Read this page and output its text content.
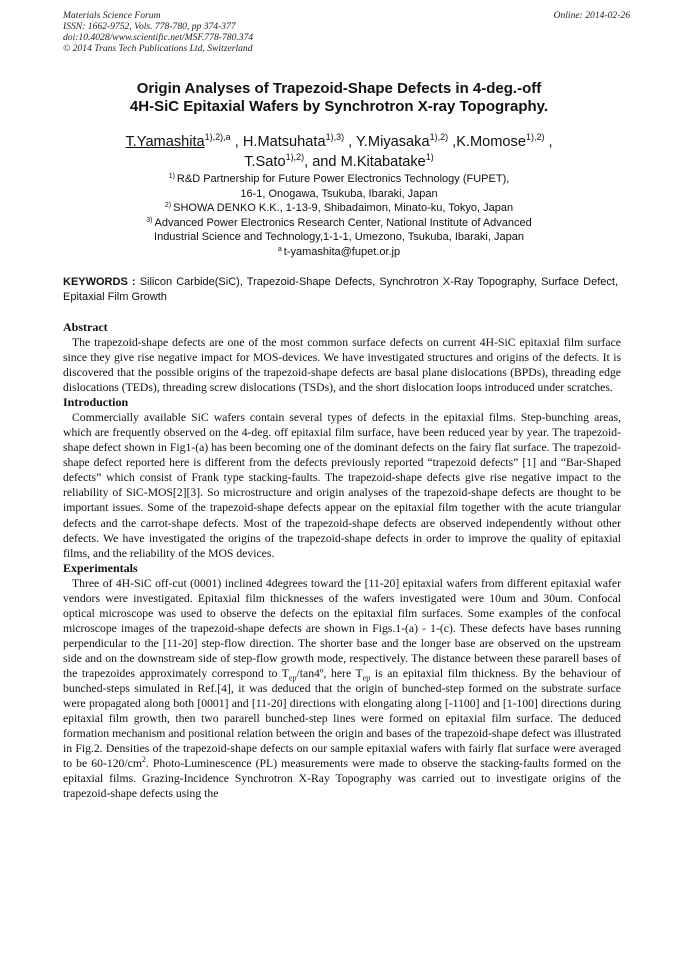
Materials Science Forum
ISSN: 1662-9752, Vols. 778-780, pp 374-377
doi:10.4028/www.scientific.net/MSF.778-780.374
© 2014 Trans Tech Publications Ltd, Switzerland
Online: 2014-02-26
Origin Analyses of Trapezoid-Shape Defects in 4-deg.-off
4H-SiC Epitaxial Wafers by Synchrotron X-ray Topography.
T.Yamashita$^{1),2),a}$ , H.Matsuhata$^{1),3)}$ , Y.Miyasaka$^{1),2)}$ ,K.Momose$^{1),2)}$ ,
T.Sato$^{1),2)}$, and M.Kitabatake$^{1)}$
$^{1)}$ R&D Partnership for Future Power Electronics Technology (FUPET),
16-1, Onogawa, Tsukuba, Ibaraki, Japan
$^{2)}$ SHOWA DENKO K.K., 1-13-9, Shibadaimon, Minato-ku, Tokyo, Japan
$^{3)}$ Advanced Power Electronics Research Center, National Institute of Advanced
Industrial Science and Technology,1-1-1, Umezono, Tsukuba, Ibaraki, Japan
$^a$ t-yamashita@fupet.or.jp
KEYWORDS : Silicon Carbide(SiC), Trapezoid-Shape Defects, Synchrotron X-Ray Topography, Surface Defect, Epitaxial Film Growth
Abstract

The trapezoid-shape defects are one of the most common surface defects on current 4H-SiC epitaxial film surface since they give rise negative impact for MOS-devices. We have investigated structures and origins of the defects. It is discovered that the possible origins of the trapezoid-shape defects are basal plane dislocations (BPDs), threading edge dislocations (TEDs), threading screw dislocations (TSDs), and the short dislocation loops introduced under scratches.

Introduction

Commercially available SiC wafers contain several types of defects in the epitaxial films. Step-bunching areas, which are frequently observed on the 4-deg. off epitaxial film surface, have been reduced year by year. The trapezoid-shape defect shown in Fig1-(a) has been becoming one of the dominant defects on the fairy flat surface. The trapezoid-shape defect reported here is different from the defects previously reported “trapezoid defects” [1] and “Bar-Shaped defects” which consist of Frank type stacking-faults. The trapezoid-shape defects give rise negative impact to the reliability of SiC-MOS[2][3]. So microstructure and origin analyses of the trapezoid-shape defects are thought to be important issues. Some of the trapezoid-shape defects appear on the epitaxial film together with the acute triangular defects and the carrot-shape defects. Most of the trapezoid-shape defects are observed independently without other defects. We have investigated the origins of the trapezoid-shape defects in order to improve the quality of epitaxial films, and the reliability of the MOS devices.

Experimentals

Three of 4H-SiC off-cut (0001) inclined 4degrees toward the [11-20] epitaxial wafers from different epitaxial wafer vendors were investigated. Epitaxial film thicknesses of the wafers investigated were 10um and 30um. Confocal optical microscope was used to observe the defects on the epitaxial film surfaces. Some examples of the confocal microscope images of the trapezoid-shape defects are shown in Figs.1-(a) - 1-(c). These defects have bases running perpendicular to the [11-20] step-flow direction. The shorter base and the longer base are observed on the upstream side and on the downstream side of step-flow growth mode, respectively. The distance between these pararell bases of the trapezoides approximately correspond to $T_{ep}/\tan 4º$, here $T_{ep}$ is an epitaxial film thickness. By the behaviour of bunched-steps simulated in Ref.[4], it was deduced that the origin of bunched-step formed on the substrate surface were propagated along both [0001] and [11-20] directions with elongating along [-1100] and [1-100] directions during epitaxial film growth, then two pararell bunched-step lines were formed on epitaxial film surface. The deduced formation mechanism and positional relation between the origin and bases of the trapezoid-shape defect was illustrated in Fig.2. Densities of the trapezoid-shape defects on our sample epitaxial wafers with fairly flat surface were averaged to be $60-120/cm^2$. Photo-Luminescence (PL) measurements were made to observe the stacking-faults formed on the epitaxial films. Grazing-Incidence Synchrotron X-Ray Topography was carried out to investigate origins of the trapezoid-shape defects using the
